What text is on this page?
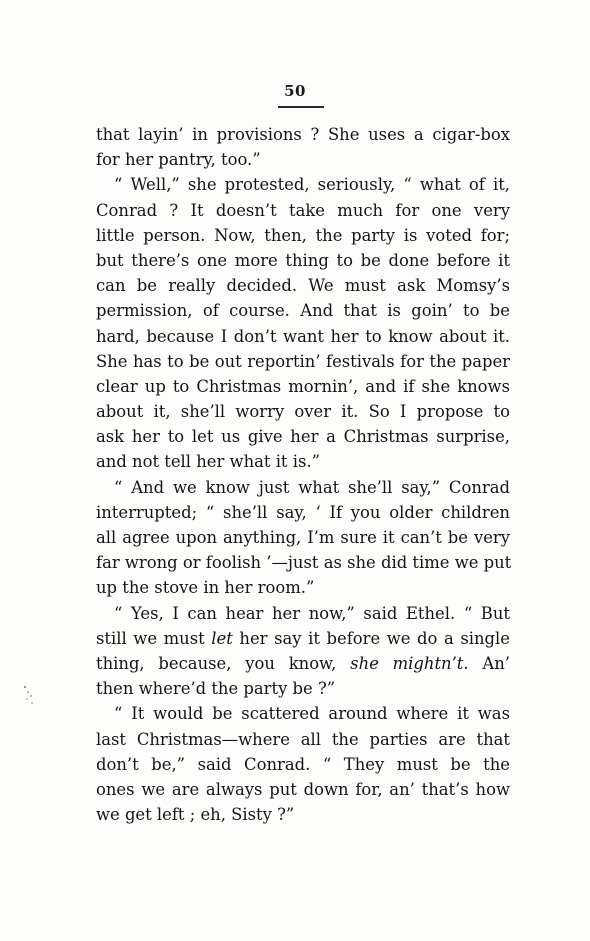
50
that layin’ in provisions ? She uses a cigar-box
for her pantry, too.”
“ Well,” she protested, seriously, “ what of it,
Conrad ? It doesn’t take much for one very
little person. Now, then, the party is voted for;
but there’s one more thing to be done before it
can be really decided. We must ask Momsy’s
permission, of course. And that is goin’ to be
hard, because I don’t want her to know about it.
She has to be out reportin’ festivals for the paper
clear up to Christmas mornin’, and if she knows
about it, she’ll worry over it. So I propose to
ask her to let us give her a Christmas surprise,
and not tell her what it is.”
“ And we know just what she’ll say,” Conrad
interrupted; “ she’ll say, ‘ If you older children
all agree upon anything, I’m sure it can’t be very
far wrong or foolish ’—just as she did time we put
up the stove in her room.”
“ Yes, I can hear her now,” said Ethel. “ But
still we must let her say it before we do a single
thing, because, you know, she mightn’t. An’
then where’d the party be ?”
“ It would be scattered around where it was
last Christmas—where all the parties are that
don’t be,” said Conrad. “ They must be the
ones we are always put down for, an’ that’s how
we get left ; eh, Sisty ?”
